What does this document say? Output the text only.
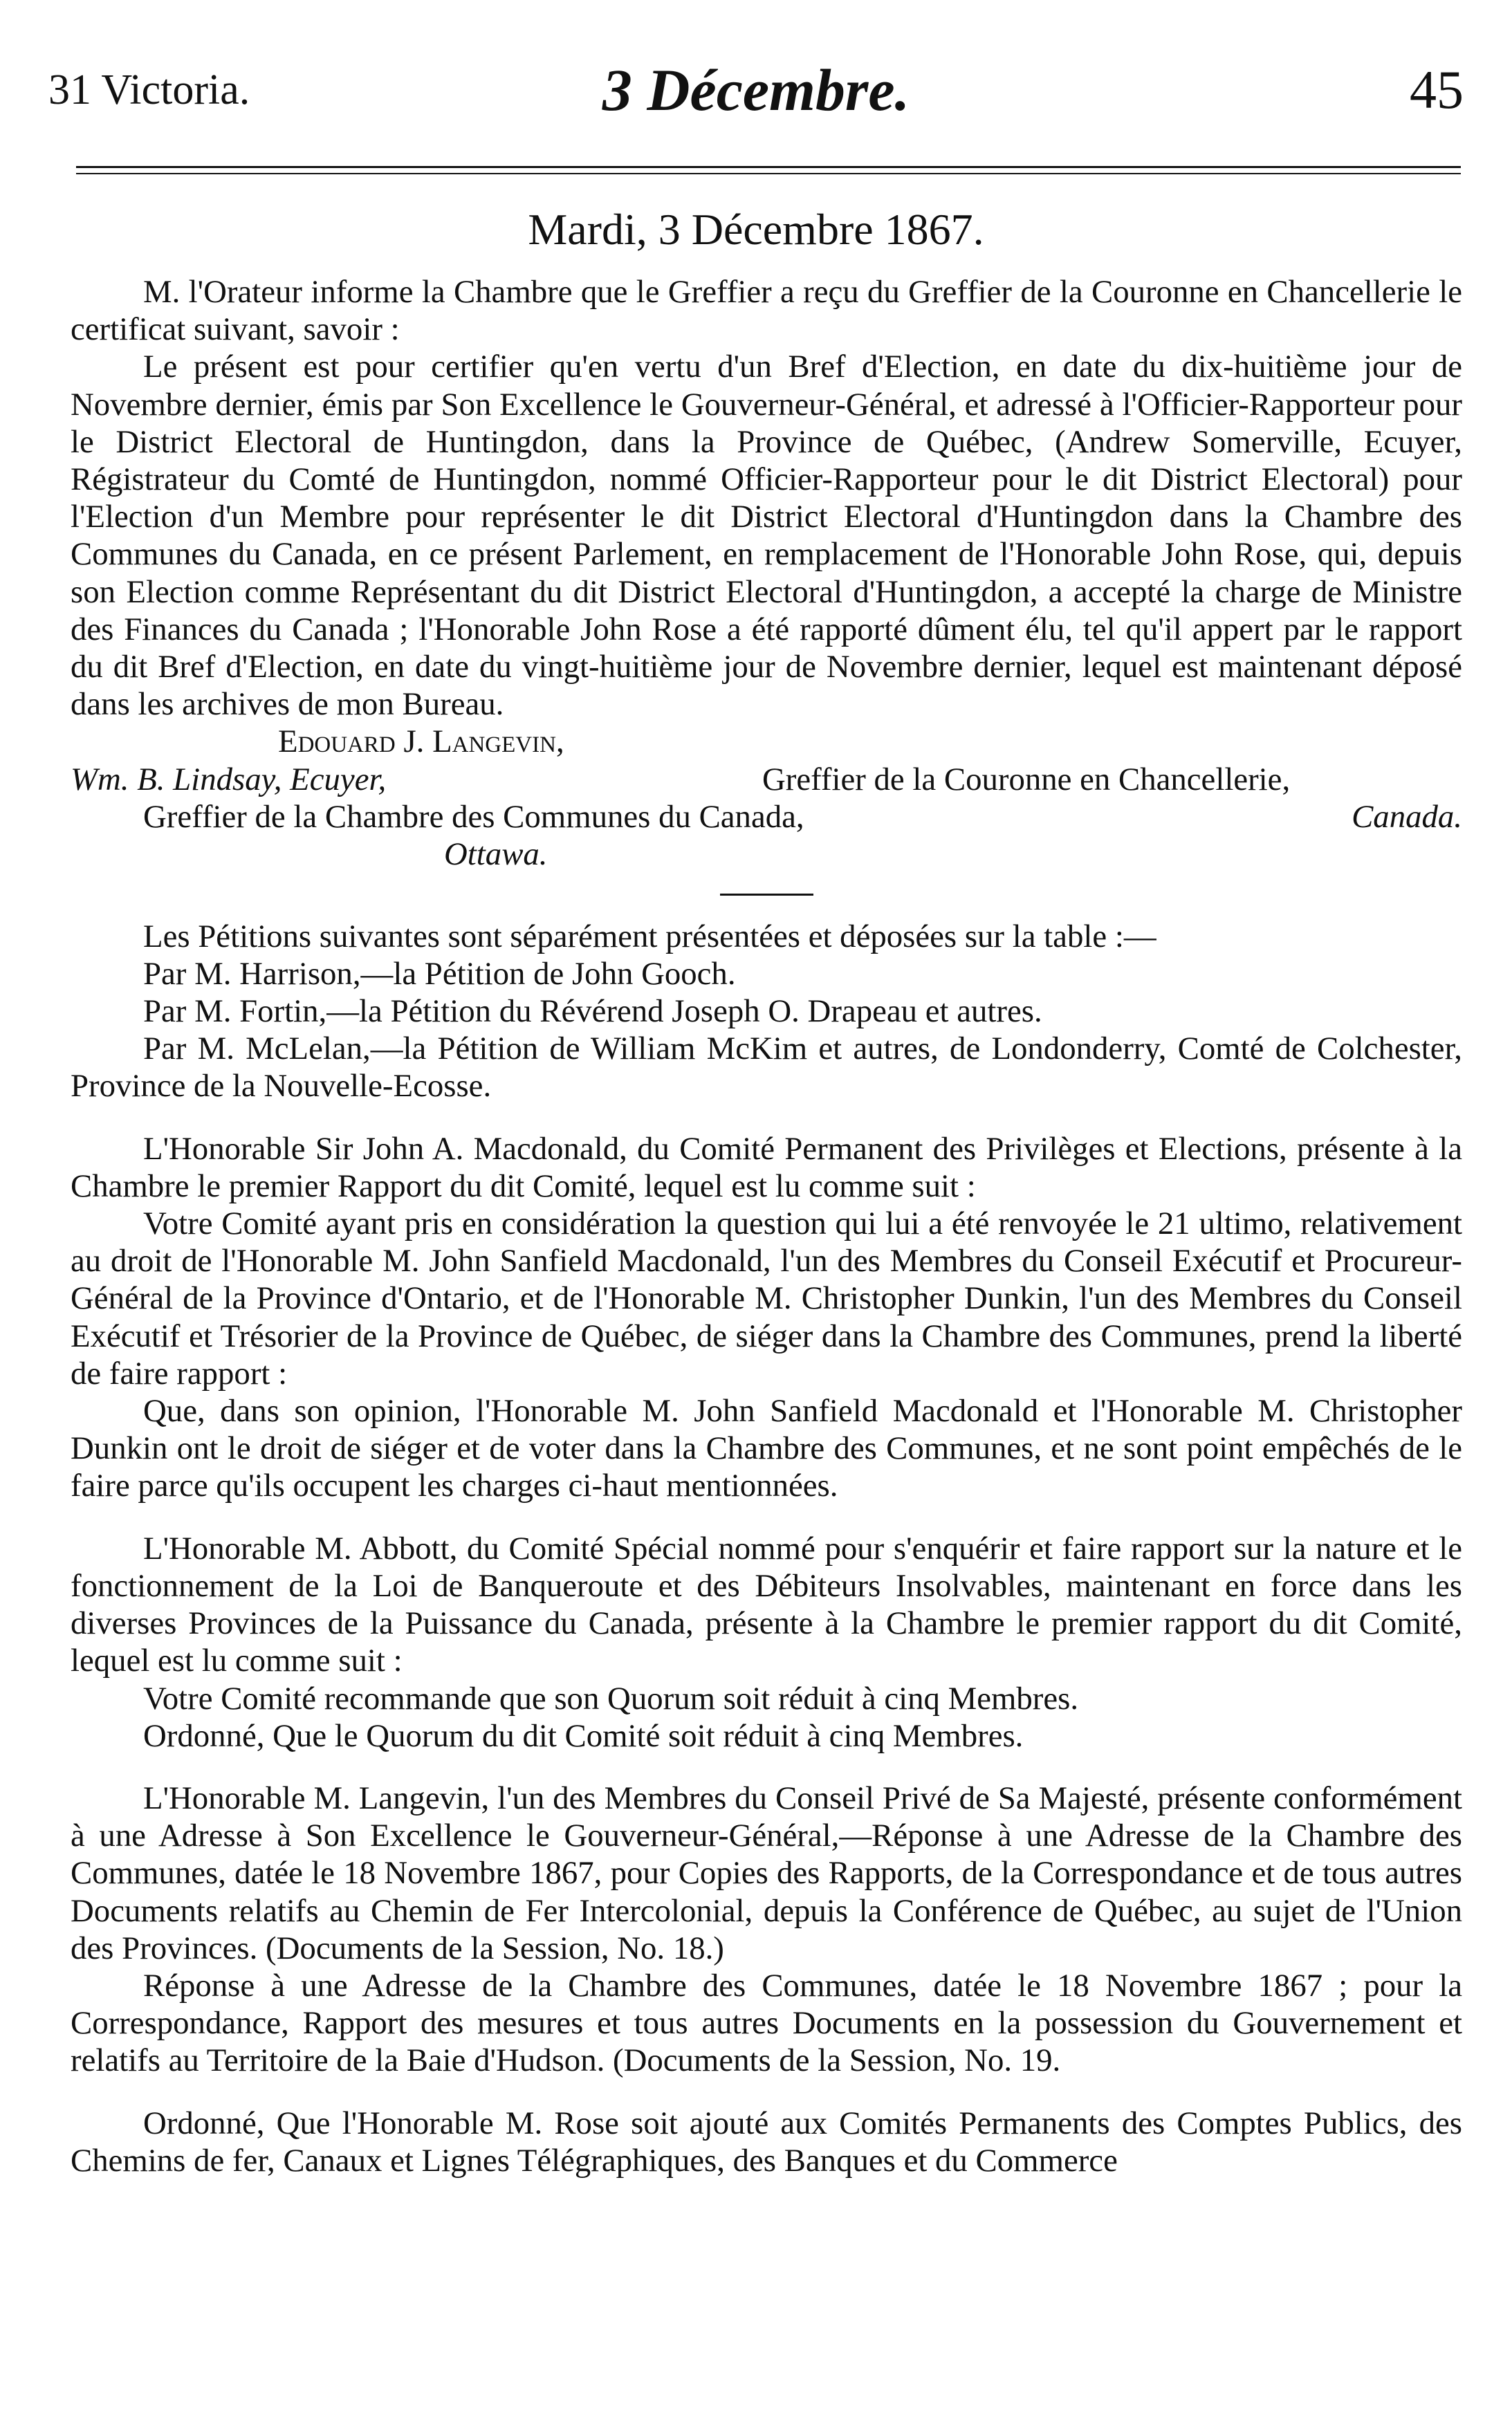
31 Victoria.	3 Décembre.	45
Mardi, 3 Décembre 1867.

M. l'Orateur informe la Chambre que le Greffier a reçu du Greffier de la Couronne en Chancellerie le certificat suivant, savoir :

Le présent est pour certifier qu'en vertu d'un Bref d'Election, en date du dix-huitième jour de Novembre dernier, émis par Son Excellence le Gouverneur-Général, et adressé à l'Officier-Rapporteur pour le District Electoral de Huntingdon, dans la Province de Québec, (Andrew Somerville, Ecuyer, Régistrateur du Comté de Huntingdon, nommé Officier-Rapporteur pour le dit District Electoral) pour l'Election d'un Membre pour représenter le dit District Electoral d'Huntingdon dans la Chambre des Communes du Canada, en ce présent Parlement, en remplacement de l'Honorable John Rose, qui, depuis son Election comme Représentant du dit District Electoral d'Huntingdon, a accepté la charge de Ministre des Finances du Canada ; l'Honorable John Rose a été rapporté dûment élu, tel qu'il appert par le rapport du dit Bref d'Election, en date du vingt-huitième jour de Novembre dernier, lequel est maintenant déposé dans les archives de mon Bureau.

Edouard J. Langevin,

Wm. B. Lindsay, Ecuyer,	Greffier de la Couronne en Chancellerie,
Greffier de la Chambre des Communes du Canada,	Canada.
Ottawa.

Les Pétitions suivantes sont séparément présentées et déposées sur la table :—

Par M. Harrison,—la Pétition de John Gooch.

Par M. Fortin,—la Pétition du Révérend Joseph O. Drapeau et autres.

Par M. McLelan,—la Pétition de William McKim et autres, de Londonderry, Comté de Colchester, Province de la Nouvelle-Ecosse.

L'Honorable Sir John A. Macdonald, du Comité Permanent des Privilèges et Elections, présente à la Chambre le premier Rapport du dit Comité, lequel est lu comme suit :

Votre Comité ayant pris en considération la question qui lui a été renvoyée le 21 ultimo, relativement au droit de l'Honorable M. John Sanfield Macdonald, l'un des Membres du Conseil Exécutif et Procureur-Général de la Province d'Ontario, et de l'Honorable M. Christopher Dunkin, l'un des Membres du Conseil Exécutif et Trésorier de la Province de Québec, de siéger dans la Chambre des Communes, prend la liberté de faire rapport :

Que, dans son opinion, l'Honorable M. John Sanfield Macdonald et l'Honorable M. Christopher Dunkin ont le droit de siéger et de voter dans la Chambre des Communes, et ne sont point empêchés de le faire parce qu'ils occupent les charges ci-haut mentionnées.

L'Honorable M. Abbott, du Comité Spécial nommé pour s'enquérir et faire rapport sur la nature et le fonctionnement de la Loi de Banqueroute et des Débiteurs Insolvables, maintenant en force dans les diverses Provinces de la Puissance du Canada, présente à la Chambre le premier rapport du dit Comité, lequel est lu comme suit :

Votre Comité recommande que son Quorum soit réduit à cinq Membres.

Ordonné, Que le Quorum du dit Comité soit réduit à cinq Membres.

L'Honorable M. Langevin, l'un des Membres du Conseil Privé de Sa Majesté, présente conformément à une Adresse à Son Excellence le Gouverneur-Général,—Réponse à une Adresse de la Chambre des Communes, datée le 18 Novembre 1867, pour Copies des Rapports, de la Correspondance et de tous autres Documents relatifs au Chemin de Fer Intercolonial, depuis la Conférence de Québec, au sujet de l'Union des Provinces. (Documents de la Session, No. 18.)

Réponse à une Adresse de la Chambre des Communes, datée le 18 Novembre 1867 ; pour la Correspondance, Rapport des mesures et tous autres Documents en la possession du Gouvernement et relatifs au Territoire de la Baie d'Hudson. (Documents de la Session, No. 19.

Ordonné, Que l'Honorable M. Rose soit ajouté aux Comités Permanents des Comptes Publics, des Chemins de fer, Canaux et Lignes Télégraphiques, des Banques et du Commerce
